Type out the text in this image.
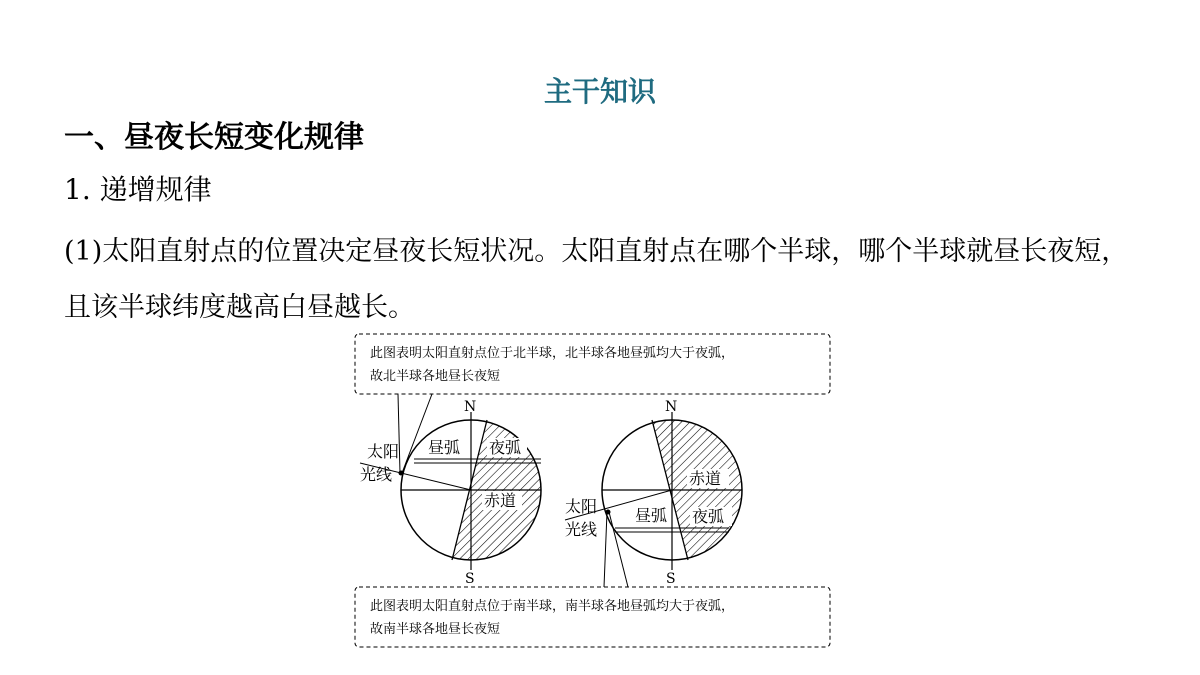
主干知识
一、昼夜长短变化规律
1. 递增规律
(1)太阳直射点的位置决定昼夜长短状况。太阳直射点在哪个半球，哪个半球就昼长夜短，且该半球纬度越高白昼越长。
此图表明太阳直射点位于北半球，北半球各地昼弧均大于夜弧，
故北半球各地昼长夜短
此图表明太阳直射点位于南半球，南半球各地昼弧均大于夜弧，
故南半球各地昼长夜短
N
S
昼弧 夜弧
赤道
太阳
光线
N
S
赤道
昼弧 夜弧
太阳
光线
